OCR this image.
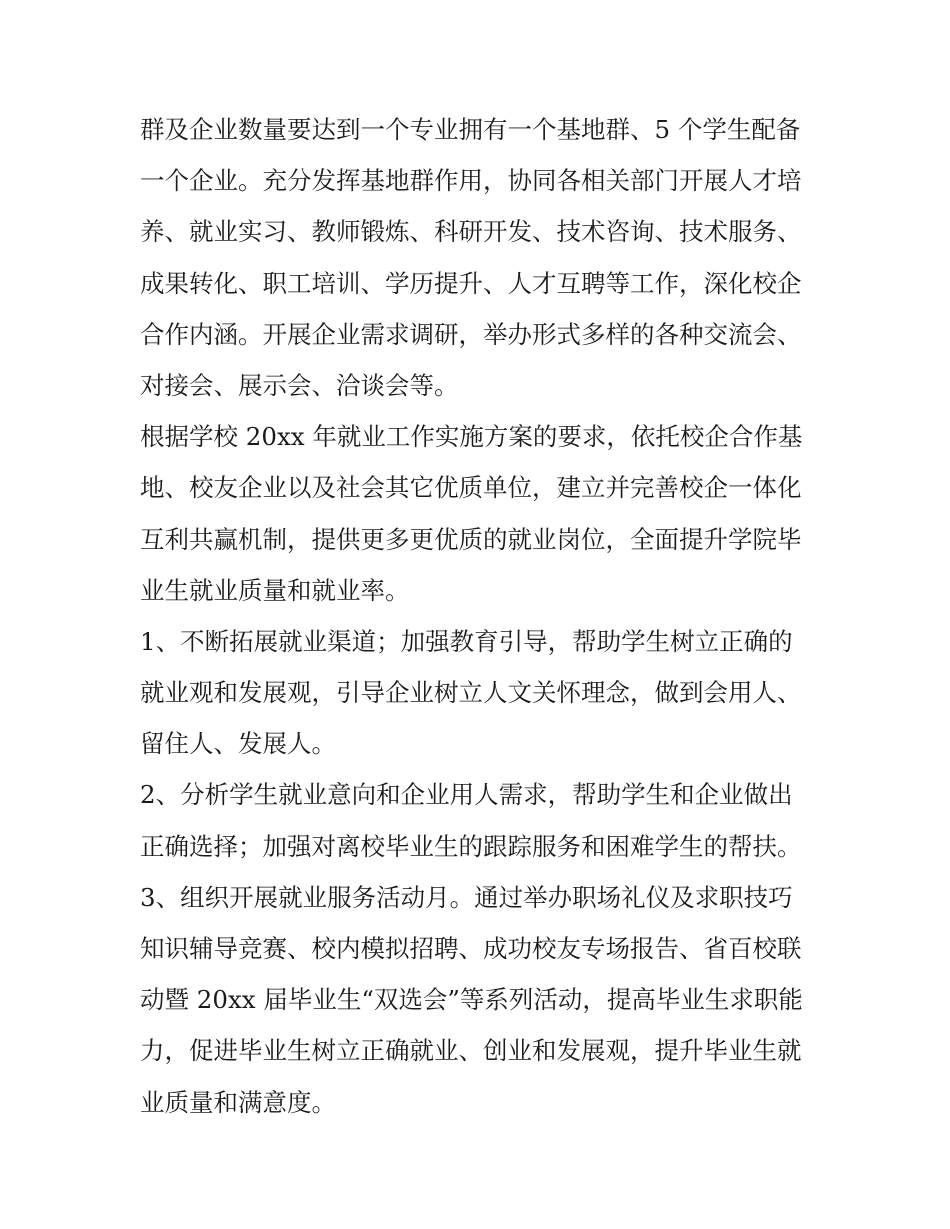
群及企业数量要达到一个专业拥有一个基地群、5 个学生配备
一个企业。充分发挥基地群作用，协同各相关部门开展人才培
养、就业实习、教师锻炼、科研开发、技术咨询、技术服务、
成果转化、职工培训、学历提升、人才互聘等工作，深化校企
合作内涵。开展企业需求调研，举办形式多样的各种交流会、
对接会、展示会、洽谈会等。
根据学校 20xx 年就业工作实施方案的要求，依托校企合作基
地、校友企业以及社会其它优质单位，建立并完善校企一体化
互利共赢机制，提供更多更优质的就业岗位，全面提升学院毕
业生就业质量和就业率。
1、不断拓展就业渠道；加强教育引导，帮助学生树立正确的
就业观和发展观，引导企业树立人文关怀理念，做到会用人、
留住人、发展人。
2、分析学生就业意向和企业用人需求，帮助学生和企业做出
正确选择；加强对离校毕业生的跟踪服务和困难学生的帮扶。
3、组织开展就业服务活动月。通过举办职场礼仪及求职技巧
知识辅导竞赛、校内模拟招聘、成功校友专场报告、省百校联
动暨 20xx 届毕业生“双选会”等系列活动，提高毕业生求职能
力，促进毕业生树立正确就业、创业和发展观，提升毕业生就
业质量和满意度。
